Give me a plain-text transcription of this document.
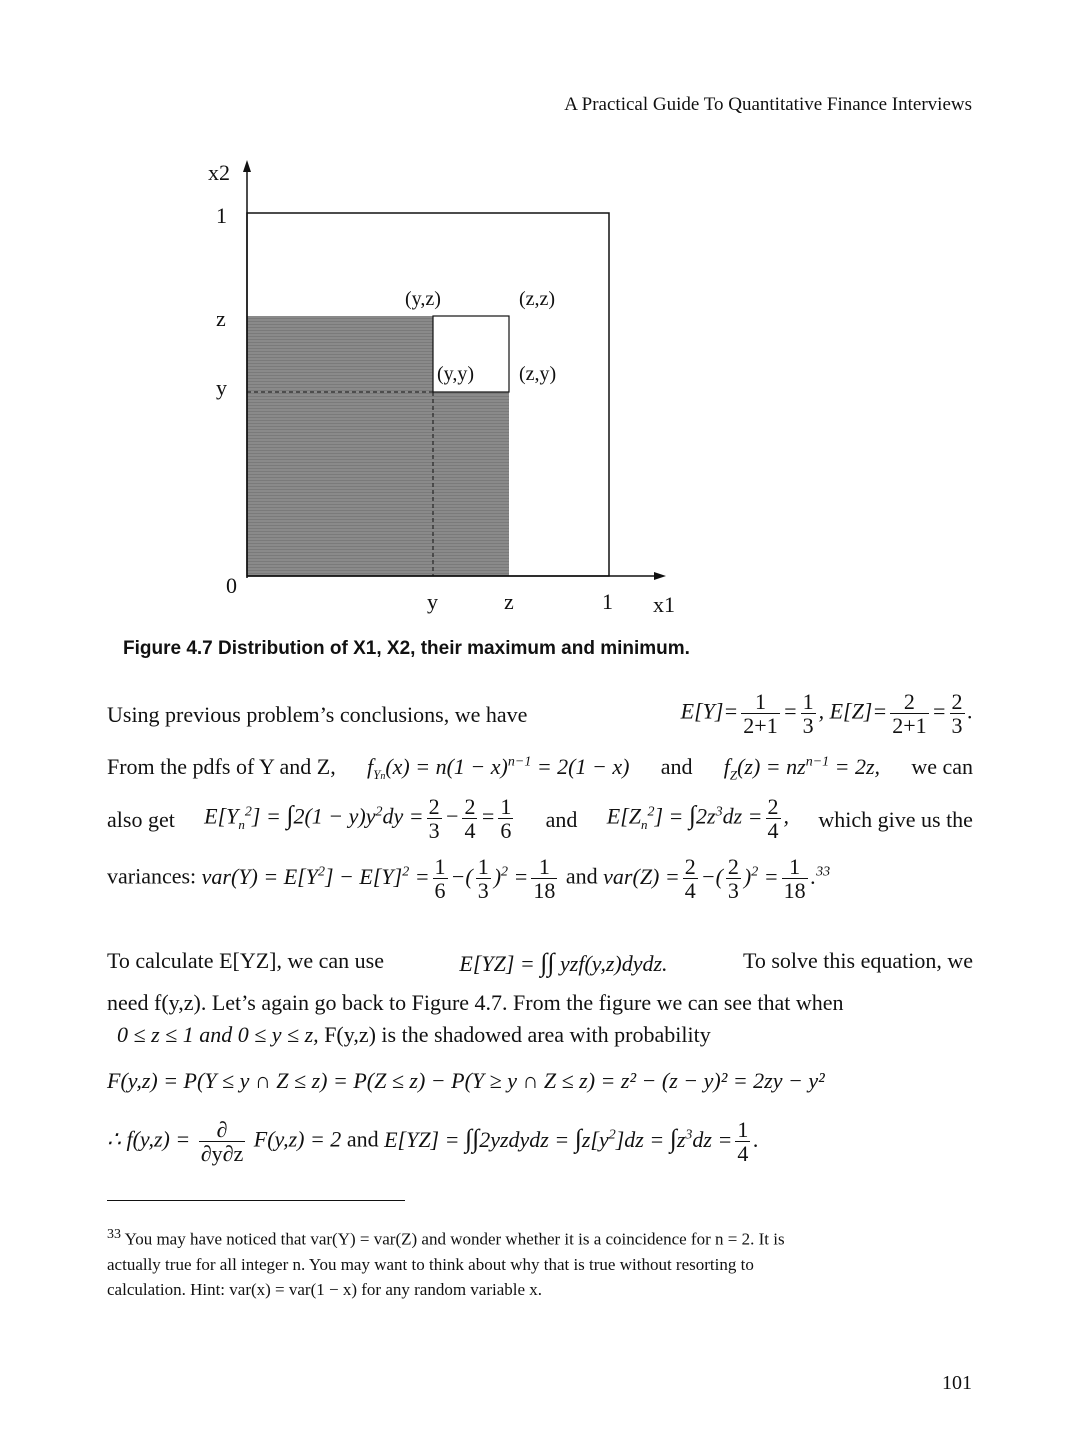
A Practical Guide To Quantitative Finance Interviews
x2
1
z
y
0
y	z	1 x1
(y,z)	(z,z)
(y,y) (z,y)
Figure 4.7 Distribution of X1, X2, their maximum and minimum.
Using previous problem’s conclusions, we have	$E[Y]= \frac{1}{2+1} = \frac{1}{3}$ , $E[Z]= \frac{2}{2+1} = \frac{2}{3}$ .
From the pdfs of Y and Z, $f_{Yn}(x) = n(1 - x)^{n-1} = 2(1 - x)$ and $f_Z(z) = nz^{n-1} = 2z$, we can
also get $E[Y_n^2] = \int 2(1 - y)y^2dy = \frac{2}{3} - \frac{2}{4} = \frac{1}{6}$ and $E[Z_n^2] = \int 2z^3dz = \frac{2}{4}$ , which give us the
variances: $var(Y) = E[Y^2] - E[Y]^2 = \frac{1}{6}$ −( $\frac{1}{3} )^2 = \frac{1}{18}$ and $var(Z) = \frac{2}{4}$ −( $\frac{2}{3} )^2 = \frac{1}{18} .^{33}$
To calculate E[YZ], we can use	E[YZ] = ∫∫ yzf(y,z)dydz.	To solve this equation, we
need f(y,z). Let’s again go back to Figure 4.7. From the figure we can see that when
0 ≤ z ≤ 1 and 0 ≤ y ≤ z, F(y,z) is the shadowed area with probability
F(y,z) = P(Y ≤ y ∩ Z ≤ z) = P(Z ≤ z) − P(Y ≥ y ∩ Z ≤ z) = z² − (z − y)² = 2zy − y²
∴ $f(y,z) = \frac{\partial}{\partial y\partial z} F(y,z) = 2$ and E[YZ] = ∫∫2yzdydz = $\int z[y^2]dz = \int z^3dz = \frac{1}{4}$ .
$^{33}$ You may have noticed that var(Y) = var(Z) and wonder whether it is a coincidence for n = 2. It is
actually true for all integer n. You may want to think about why that is true without resorting to
calculation. Hint: var(x) = var(1 − x) for any random variable x.
101
